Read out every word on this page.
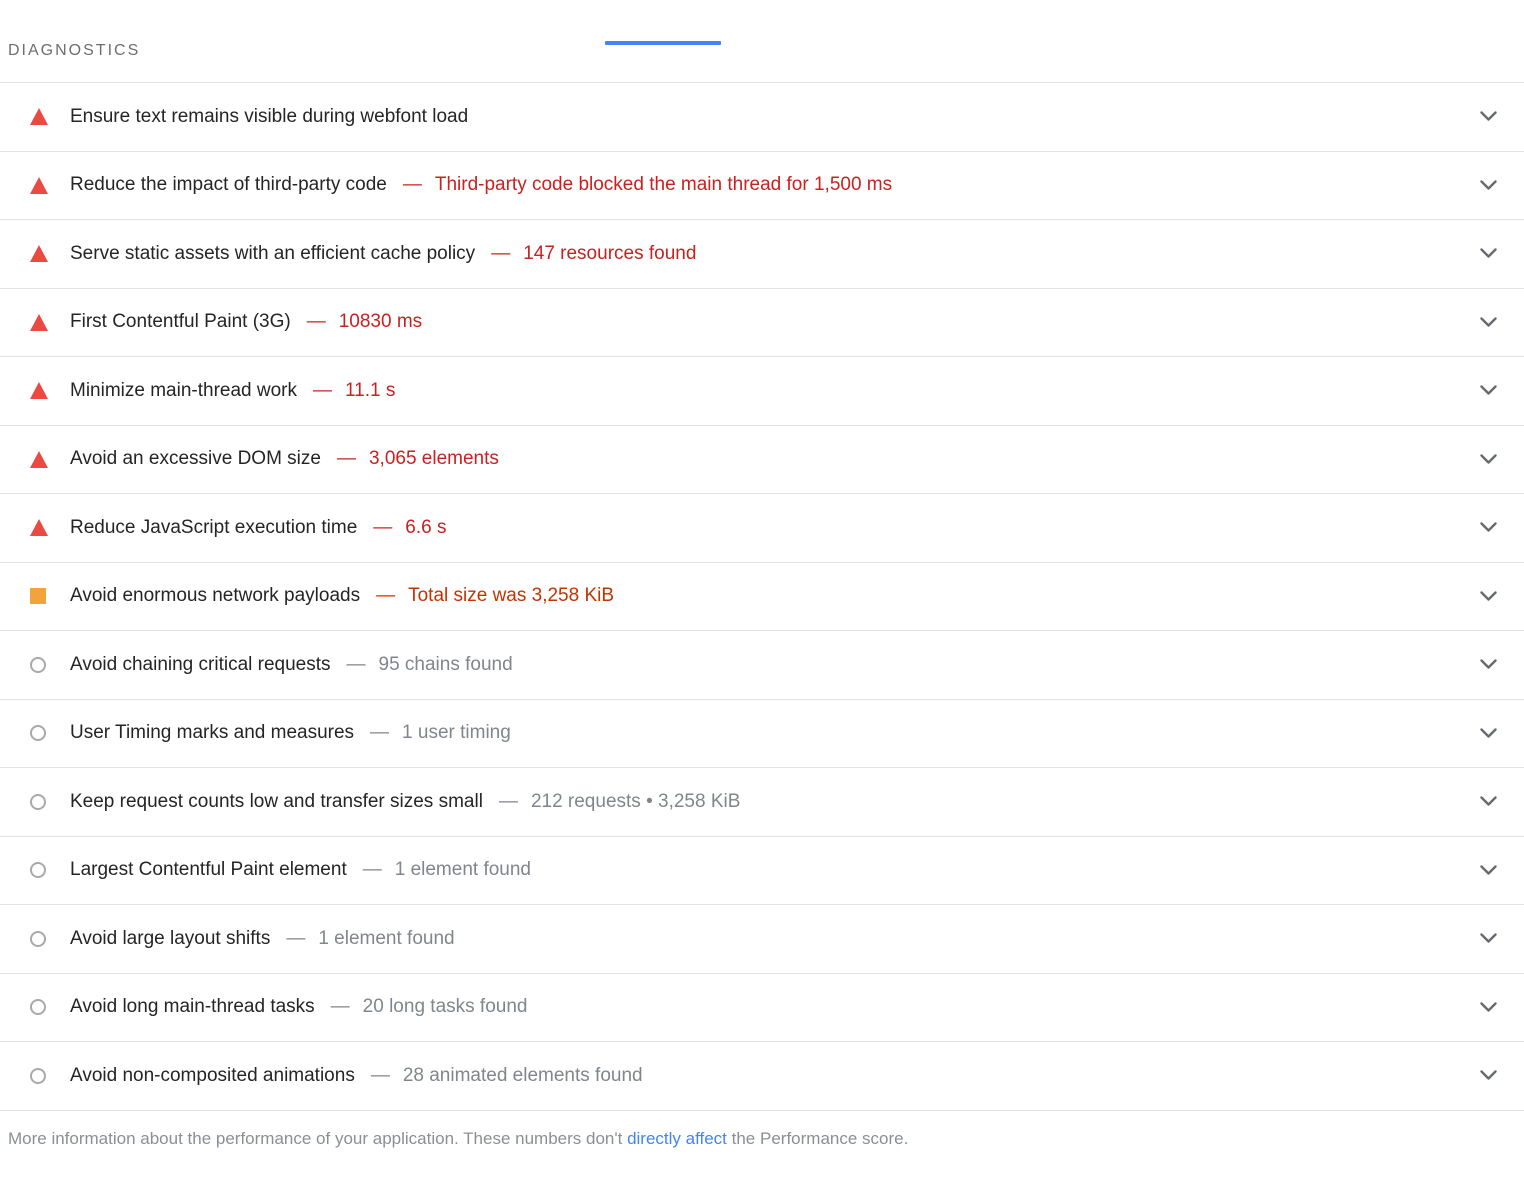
DIAGNOSTICS
Ensure text remains visible during webfont load
Reduce the impact of third-party code — Third-party code blocked the main thread for 1,500 ms
Serve static assets with an efficient cache policy — 147 resources found
First Contentful Paint (3G) — 10830 ms
Minimize main-thread work — 11.1 s
Avoid an excessive DOM size — 3,065 elements
Reduce JavaScript execution time — 6.6 s
Avoid enormous network payloads — Total size was 3,258 KiB
Avoid chaining critical requests — 95 chains found
User Timing marks and measures — 1 user timing
Keep request counts low and transfer sizes small — 212 requests • 3,258 KiB
Largest Contentful Paint element — 1 element found
Avoid large layout shifts — 1 element found
Avoid long main-thread tasks — 20 long tasks found
Avoid non-composited animations — 28 animated elements found
More information about the performance of your application. These numbers don't directly affect the Performance score.
